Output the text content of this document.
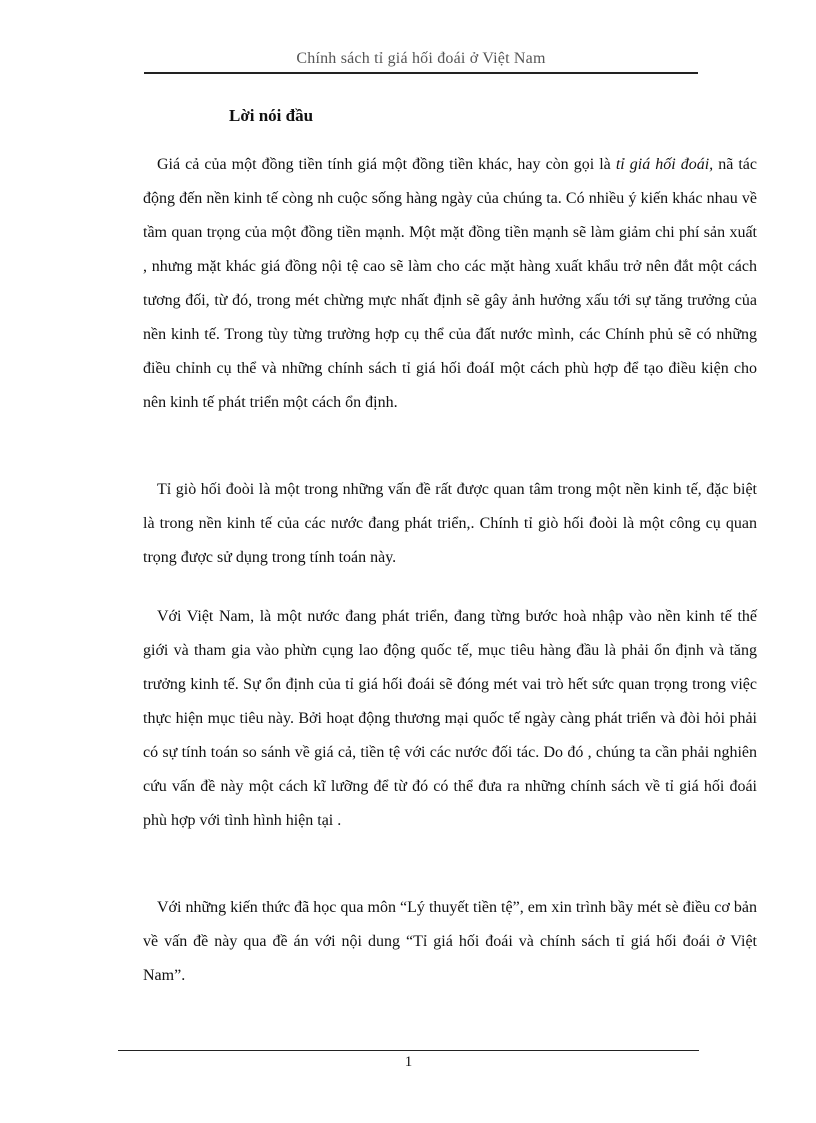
Chính sách tỉ giá hối đoái ở Việt Nam
Lời nói đầu

Giá cả của một đồng tiền tính giá một đồng tiền khác, hay còn gọi là tỉ giá hối đoái, nã tác động đến nền kinh tế còng nh cuộc sống hàng ngày của chúng ta. Có nhiều ý kiến khác nhau về tầm quan trọng của một đồng tiền mạnh. Một mặt đồng tiền mạnh sẽ làm giảm chi phí sản xuất , nhưng mặt khác giá đồng nội tệ cao sẽ làm cho các mặt hàng xuất khẩu trở nên đắt một cách tương đối, từ đó, trong mét chừng mực nhất định sẽ gây ảnh hưởng xấu tới sự tăng trưởng của nền kinh tế. Trong tùy từng trường hợp cụ thể của đất nước mình, các Chính phủ sẽ có những điều chỉnh cụ thể và những chính sách tỉ giá hối đoáI một cách phù hợp để tạo điều kiện cho nên kinh tế phát triển một cách ổn định.

Tỉ giò hối đoòi là một trong những vấn đề rất được quan tâm trong một nền kinh tế, đặc biệt là trong nền kinh tế của các nước đang phát triển,. Chính tỉ giò hối đoòi là một công cụ quan trọng được sử dụng trong tính toán này.

Với Việt Nam, là một nước đang phát triển, đang từng bước hoà nhập vào nền kinh tế thế giới và tham gia vào phừn cụng lao động quốc tế, mục tiêu hàng đầu là phải ổn định và tăng trưởng kinh tế. Sự ổn định của tỉ giá hối đoái sẽ đóng mét vai trò hết sức quan trọng trong việc thực hiện mục tiêu này. Bởi hoạt động thương mại quốc tế ngày càng phát triển và đòi hỏi phải có sự tính toán so sánh về giá cả, tiền tệ với các nước đối tác. Do đó , chúng ta cần phải nghiên cứu vấn đề này một cách kĩ lưỡng để từ đó có thể đưa ra những chính sách về tỉ giá hối đoái phù hợp với tình hình hiện tại .

Với những kiến thức đã học qua môn “Lý thuyết tiền tệ”, em xin trình bầy mét sè điều cơ bản về vấn đề này qua đề án với nội dung “Tỉ giá hối đoái và chính sách tỉ giá hối đoái ở Việt Nam”.

1
